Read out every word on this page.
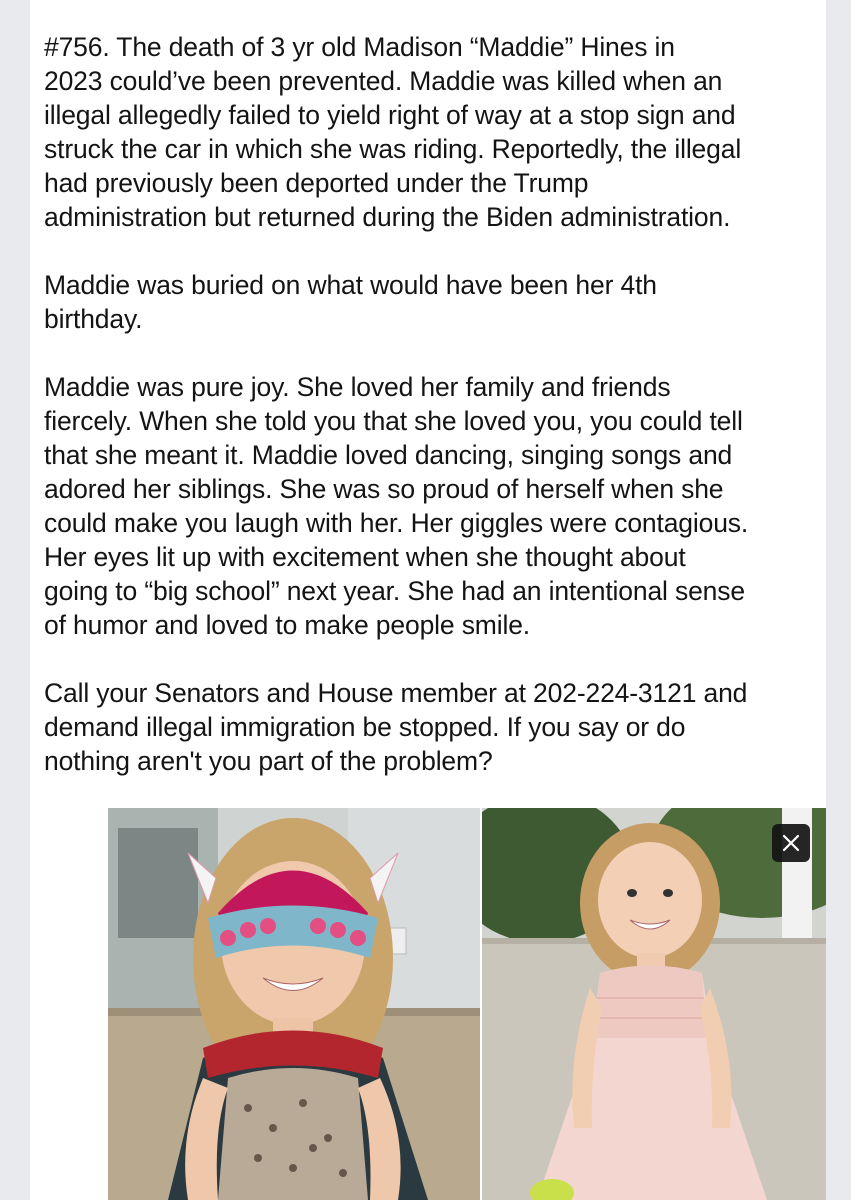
#756. The death of 3 yr old Madison “Maddie” Hines in
2023 could’ve been prevented. Maddie was killed when an
illegal allegedly failed to yield right of way at a stop sign and
struck the car in which she was riding. Reportedly, the illegal
had previously been deported under the Trump
administration but returned during the Biden administration.

Maddie was buried on what would have been her 4th
birthday.

Maddie was pure joy. She loved her family and friends
fiercely. When she told you that she loved you, you could tell
that she meant it. Maddie loved dancing, singing songs and
adored her siblings. She was so proud of herself when she
could make you laugh with her. Her giggles were contagious.
Her eyes lit up with excitement when she thought about
going to “big school” next year. She had an intentional sense
of humor and loved to make people smile.

Call your Senators and House member at 202-224-3121 and
demand illegal immigration be stopped. If you say or do
nothing aren't you part of the problem?
